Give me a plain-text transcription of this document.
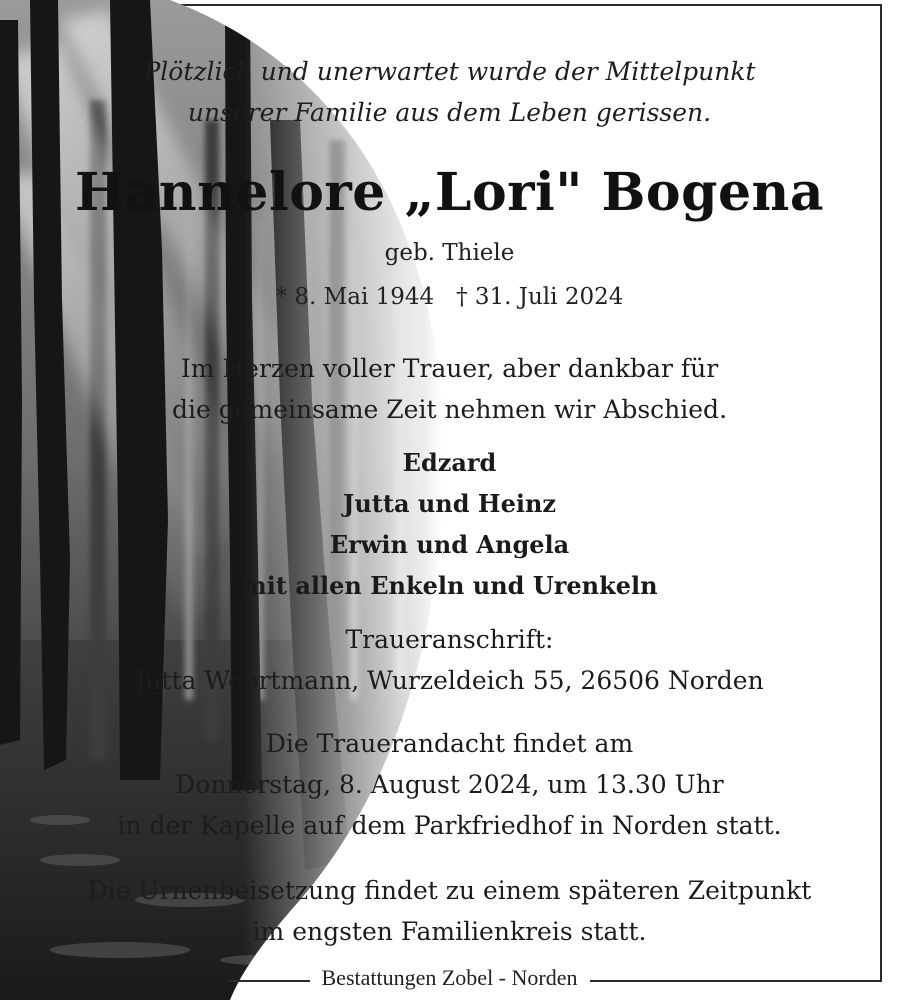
Plötzlich und unerwartet wurde der Mittelpunkt
unserer Familie aus dem Leben gerissen.
Hannelore „Lori" Bogena
geb. Thiele
* 8. Mai 1944   † 31. Juli 2024
Im Herzen voller Trauer, aber dankbar für
die gemeinsame Zeit nehmen wir Abschied.
Edzard
Jutta und Heinz
Erwin und Angela
mit allen Enkeln und Urenkeln
Traueranschrift:
Jutta Woortmann, Wurzeldeich 55, 26506 Norden
Die Trauerandacht findet am
Donnerstag, 8. August 2024, um 13.30 Uhr
in der Kapelle auf dem Parkfriedhof in Norden statt.
Die Urnenbeisetzung findet zu einem späteren Zeitpunkt
im engsten Familienkreis statt.
Bestattungen Zobel - Norden
